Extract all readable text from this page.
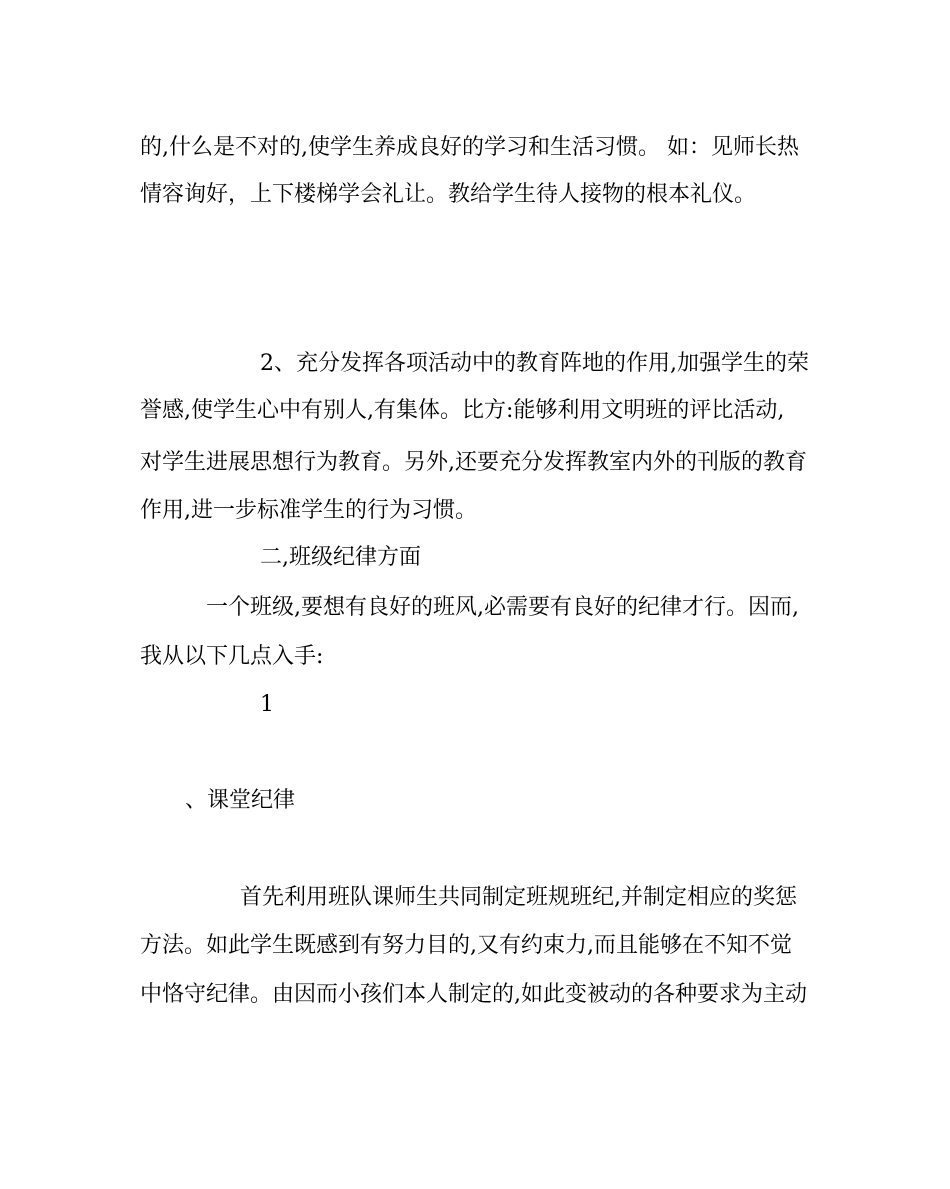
的,什么是不对的,使学生养成良好的学习和生活习惯。 如：见师长热
情容询好，上下楼梯学会礼让。教给学生待人接物的根本礼仪。
2、充分发挥各项活动中的教育阵地的作用,加强学生的荣
誉感,使学生心中有别人,有集体。比方:能够利用文明班的评比活动,
对学生进展思想行为教育。另外,还要充分发挥教室内外的刊版的教育
作用,进一步标准学生的行为习惯。
二,班级纪律方面
一个班级,要想有良好的班风,必需要有良好的纪律才行。因而,
我从以下几点入手:
1
、课堂纪律
首先利用班队课师生共同制定班规班纪,并制定相应的奖惩
方法。如此学生既感到有努力目的,又有约束力,而且能够在不知不觉
中恪守纪律。由因而小孩们本人制定的,如此变被动的各种要求为主动
